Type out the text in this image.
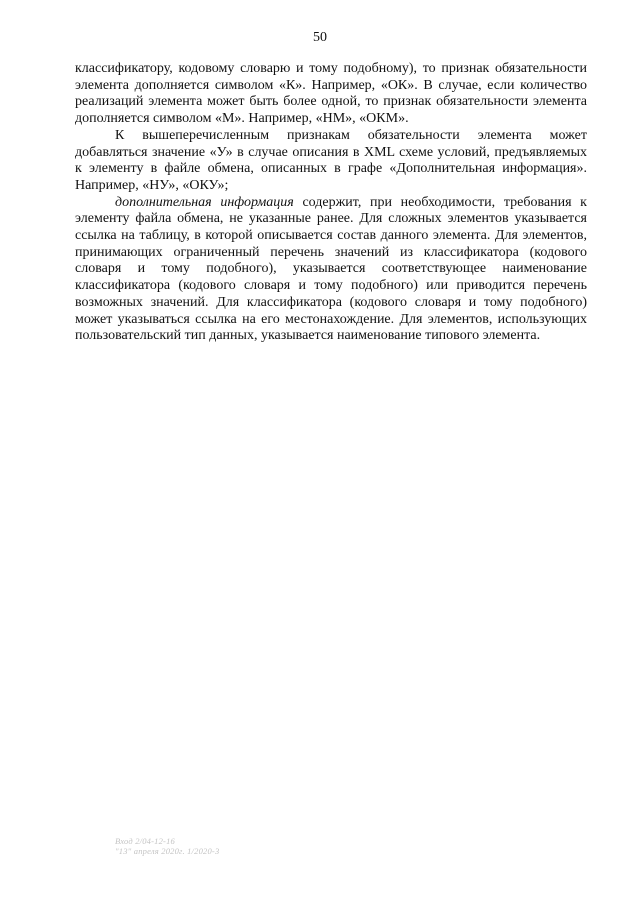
50

классификатору, кодовому словарю и тому подобному), то признак обязательности элемента дополняется символом «К». Например, «ОК». В случае, если количество реализаций элемента может быть более одной, то признак обязательности элемента дополняется символом «М». Например, «НМ», «ОКМ».

К вышеперечисленным признакам обязательности элемента может добавляться значение «У» в случае описания в XML схеме условий, предъявляемых к элементу в файле обмена, описанных в графе «Дополнительная информация». Например, «НУ», «ОКУ»;

дополнительная информация содержит, при необходимости, требования к элементу файла обмена, не указанные ранее. Для сложных элементов указывается ссылка на таблицу, в которой описывается состав данного элемента. Для элементов, принимающих ограниченный перечень значений из классификатора (кодового словаря и тому подобного), указывается соответствующее наименование классификатора (кодового словаря и тому подобного) или приводится перечень возможных значений. Для классификатора (кодового словаря и тому подобного) может указываться ссылка на его местонахождение. Для элементов, использующих пользовательский тип данных, указывается наименование типового элемента.

Вход 2/04-12-16
"13" апреля 2020г. 1/2020-3
